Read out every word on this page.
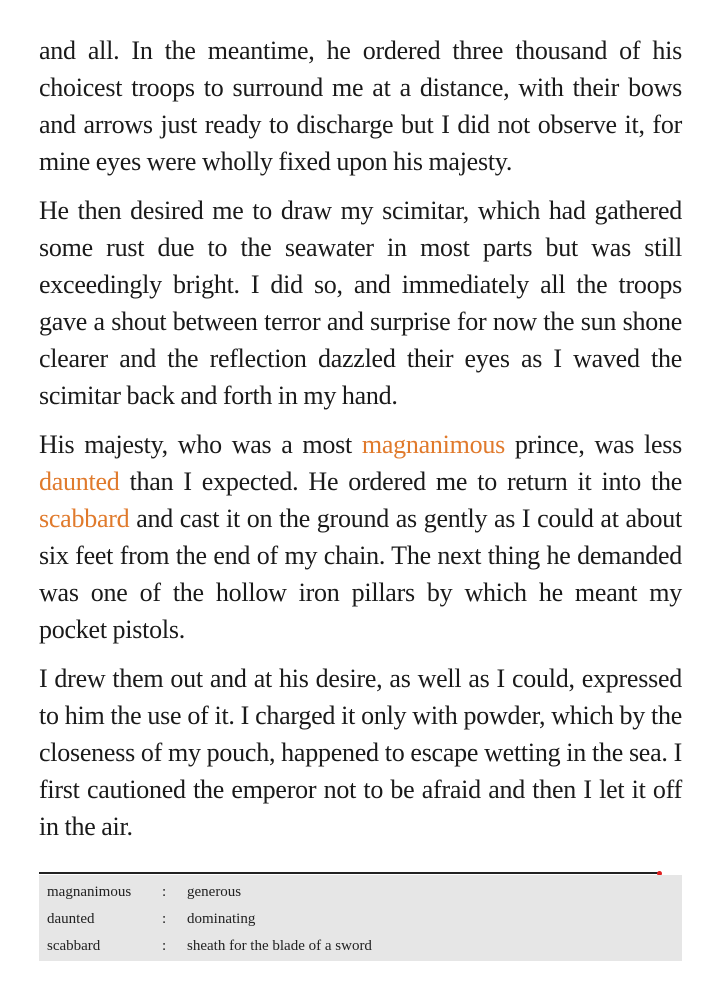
and all. In the meantime, he ordered three thousand of his choicest troops to surround me at a distance, with their bows and arrows just ready to discharge but I did not observe it, for mine eyes were wholly fixed upon his majesty.

He then desired me to draw my scimitar, which had gathered some rust due to the seawater in most parts but was still exceedingly bright. I did so, and immediately all the troops gave a shout between terror and surprise for now the sun shone clearer and the reflection dazzled their eyes as I waved the scimitar back and forth in my hand.

His majesty, who was a most magnanimous prince, was less daunted than I expected. He ordered me to return it into the scabbard and cast it on the ground as gently as I could at about six feet from the end of my chain. The next thing he demanded was one of the hollow iron pillars by which he meant my pocket pistols.

I drew them out and at his desire, as well as I could, expressed to him the use of it. I charged it only with powder, which by the closeness of my pouch, happened to escape wetting in the sea. I first cautioned the emperor not to be afraid and then I let it off in the air.

magnanimous : generous
daunted	: dominating
scabbard	: sheath for the blade of a sword
